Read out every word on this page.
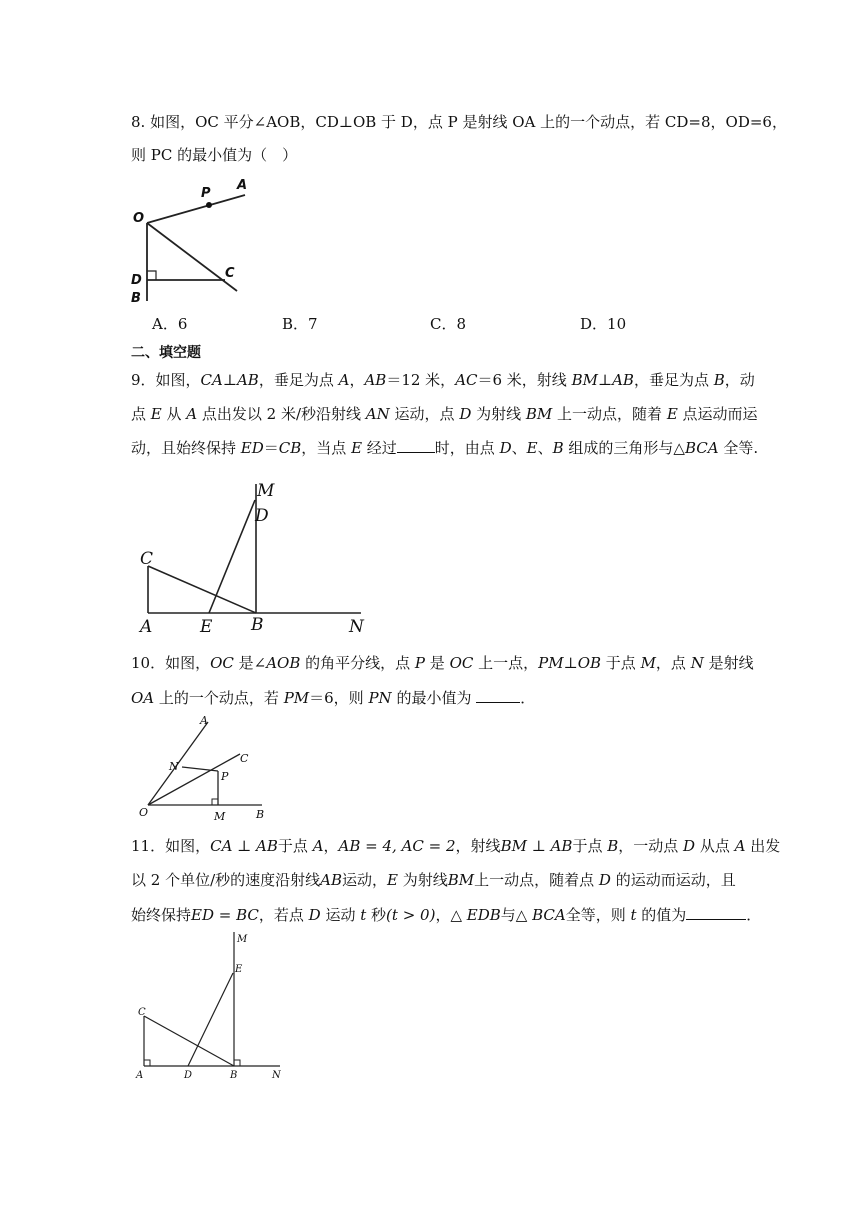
8. 如图，OC 平分∠AOB，CD⊥OB 于 D，点 P 是射线 OA 上的一个动点，若 CD=8，OD=6，
则 PC 的最小值为（　）
O
P
A
D	C
B
A．6	B．7	C．8	D．10
二、填空题
9．如图，CA⊥AB，垂足为点 A，AB＝12 米，AC＝6 米，射线 BM⊥AB，垂足为点 B，动
点 E 从 A 点出发以 2 米/秒沿射线 AN 运动，点 D 为射线 BM 上一动点，随着 E 点运动而运
动，且始终保持 ED＝CB，当点 E 经过	时，由点 D、E、B 组成的三角形与△BCA 全等.
M
D
C
A	E B	N
10．如图，OC 是∠AOB 的角平分线，点 P 是 OC 上一点，PM⊥OB 于点 M，点 N 是射线
OA 上的一个动点，若 PM＝6，则 PN 的最小值为	．
A
C
N
P
O	M	B
11．如图，CA ⊥ AB于点 A，AB = 4, AC = 2，射线BM ⊥ AB于点 B，一动点 D 从点 A 出发
以 2 个单位/秒的速度沿射线AB运动，E 为射线BM上一动点，随着点 D 的运动而运动，且
始终保持ED = BC，若点 D 运动 t 秒(t > 0)，△ EDB与△ BCA全等，则 t 的值为	．
M
E
C
A	D	B	N
